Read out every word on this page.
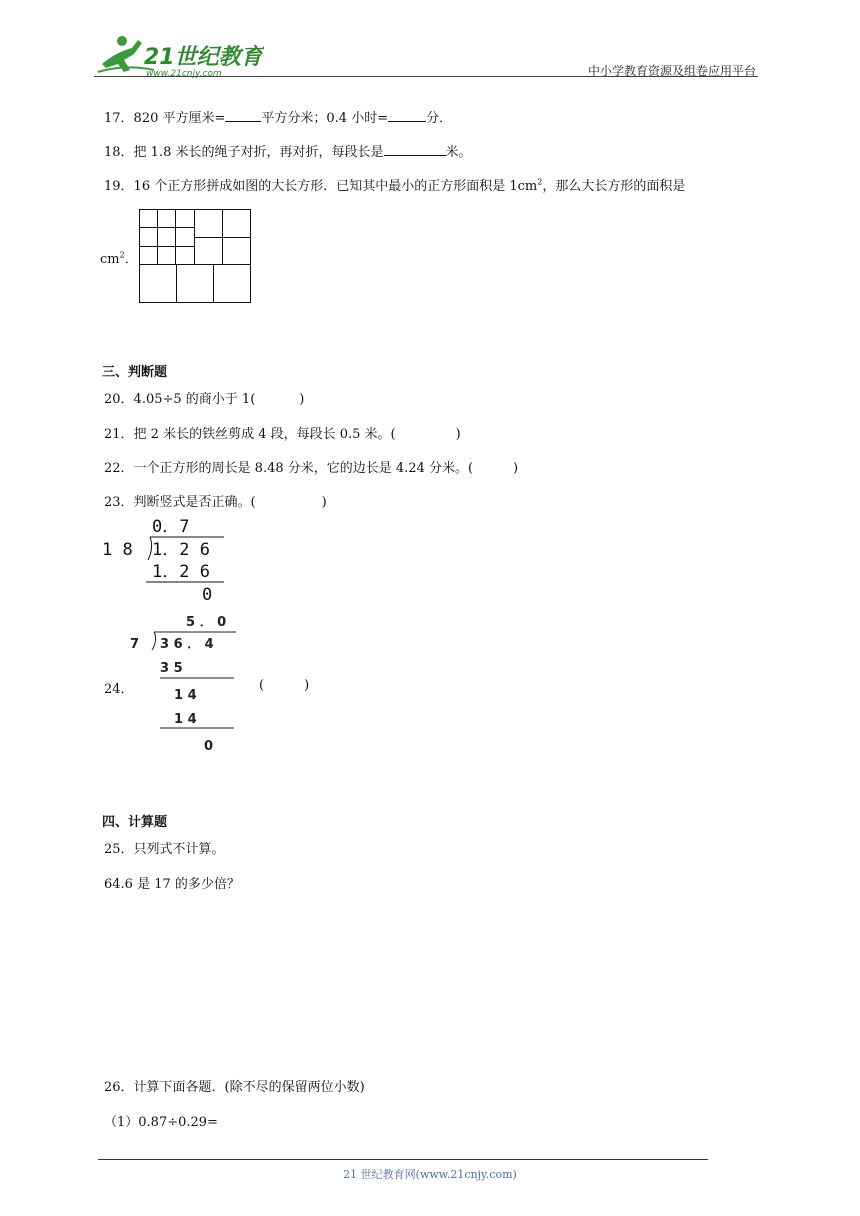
21世纪教育
www.21cnjy.com	中小学教育资源及组卷应用平台
17．820 平方厘米=	平方分米；0.4 小时=	分．
18．把 1.8 米长的绳子对折，再对折，每段长是	米。
19．16 个正方形拼成如图的大长方形．已知其中最小的正方形面积是 $1cm^2$，那么大长方形的面积是
$cm^2$．
三、判断题
20．4.05÷5 的商小于 1(	)
21．把 2 米长的铁丝剪成 4 段，每段长 0.5 米。(	)
22．一个正方形的周长是 8.48 分米，它的边长是 4.24 分米。(	)
23．判断竖式是否正确。(	)
0．7
1 8 1．2 6
1．2 6
0
24．
5 ． 0
7 3 6 ． 4
3 5
1 4
1 4
0
(	)
四、计算题
25．只列式不计算。
64.6 是 17 的多少倍？
26．计算下面各题．(除不尽的保留两位小数)
（1）0.87÷0.29=
21 世纪教育网(www.21cnjy.com)
